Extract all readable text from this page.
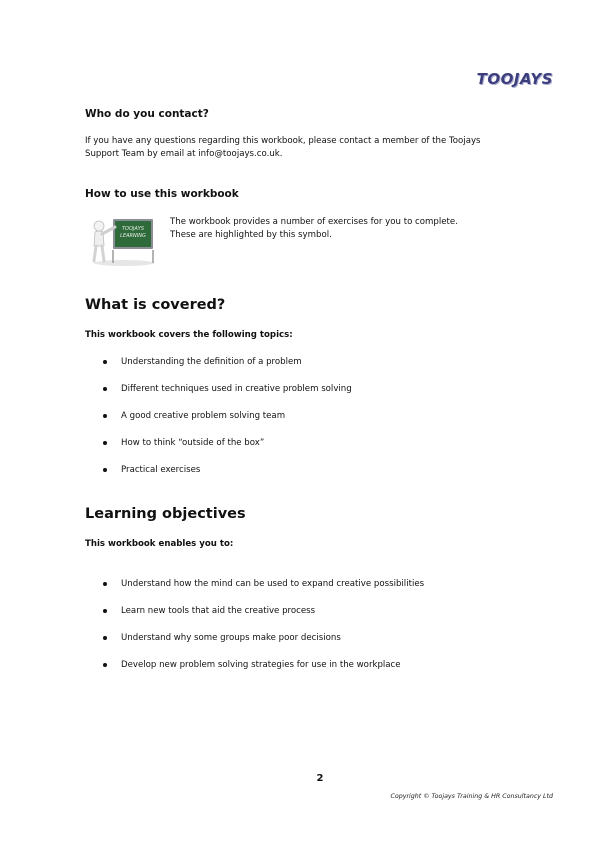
TOOJAYS
Who do you contact?

If you have any questions regarding this workbook, please contact a member of the Toojays

Support Team by email at info@toojays.co.uk.

How to use this workbook
TOOJAYS
LEARNING

The workbook provides a number of exercises for you to complete.

These are highlighted by this symbol.

What is covered?
This workbook covers the following topics:
Understanding the definition of a problem
Different techniques used in creative problem solving
A good creative problem solving team
How to think “outside of the box”
Practical exercises
Learning objectives
This workbook enables you to:
Understand how the mind can be used to expand creative possibilities
Learn new tools that aid the creative process
Understand why some groups make poor decisions
Develop new problem solving strategies for use in the workplace
2
Copyright © Toojays Training & HR Consultancy Ltd
